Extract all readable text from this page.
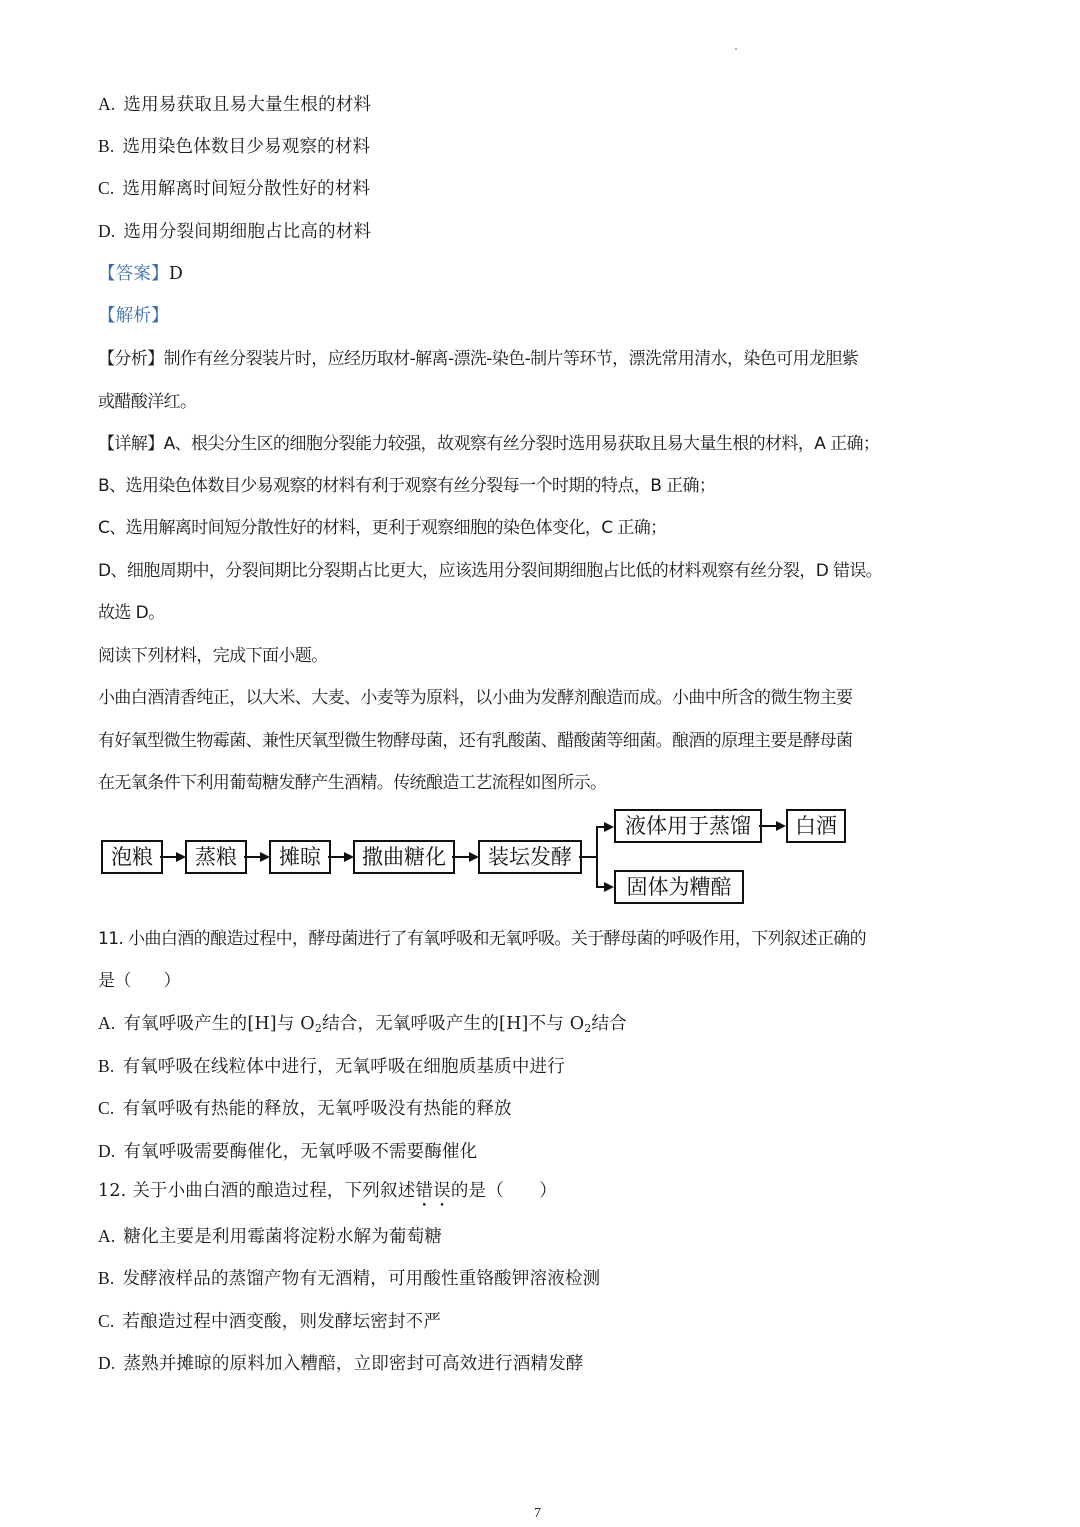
A. 选用易获取且易大量生根的材料
B. 选用染色体数目少易观察的材料
C. 选用解离时间短分散性好的材料
D. 选用分裂间期细胞占比高的材料
【答案】D
【解析】
【分析】制作有丝分裂装片时，应经历取材-解离-漂洗-染色-制片等环节，漂洗常用清水，染色可用龙胆紫
或醋酸洋红。
【详解】A、根尖分生区的细胞分裂能力较强，故观察有丝分裂时选用易获取且易大量生根的材料，A 正确；
B、选用染色体数目少易观察的材料有利于观察有丝分裂每一个时期的特点，B 正确；
C、选用解离时间短分散性好的材料，更利于观察细胞的染色体变化，C 正确；
D、细胞周期中，分裂间期比分裂期占比更大，应该选用分裂间期细胞占比低的材料观察有丝分裂，D 错误。
故选 D。
阅读下列材料，完成下面小题。
小曲白酒清香纯正，以大米、大麦、小麦等为原料，以小曲为发酵剂酿造而成。小曲中所含的微生物主要
有好氧型微生物霉菌、兼性厌氧型微生物酵母菌，还有乳酸菌、醋酸菌等细菌。酿酒的原理主要是酵母菌
在无氧条件下利用葡萄糖发酵产生酒精。传统酿造工艺流程如图所示。
泡粮	蒸粮	摊晾	撒曲糖化	装坛发酵
液体用于蒸馏	白酒
固体为糟醅
11. 小曲白酒的酿造过程中，酵母菌进行了有氧呼吸和无氧呼吸。关于酵母菌的呼吸作用，下列叙述正确的
是（　　）
A. 有氧呼吸产生的[H]与 $O_2$结合，无氧呼吸产生的[H]不与 $O_2$结合
B. 有氧呼吸在线粒体中进行，无氧呼吸在细胞质基质中进行
C. 有氧呼吸有热能的释放，无氧呼吸没有热能的释放
D. 有氧呼吸需要酶催化，无氧呼吸不需要酶催化
12. 关于小曲白酒的酿造过程，下列叙述错误的是（　　）
A. 糖化主要是利用霉菌将淀粉水解为葡萄糖
B. 发酵液样品的蒸馏产物有无酒精，可用酸性重铬酸钾溶液检测
C. 若酿造过程中酒变酸，则发酵坛密封不严
D. 蒸熟并摊晾的原料加入糟醅，立即密封可高效进行酒精发酵
7
